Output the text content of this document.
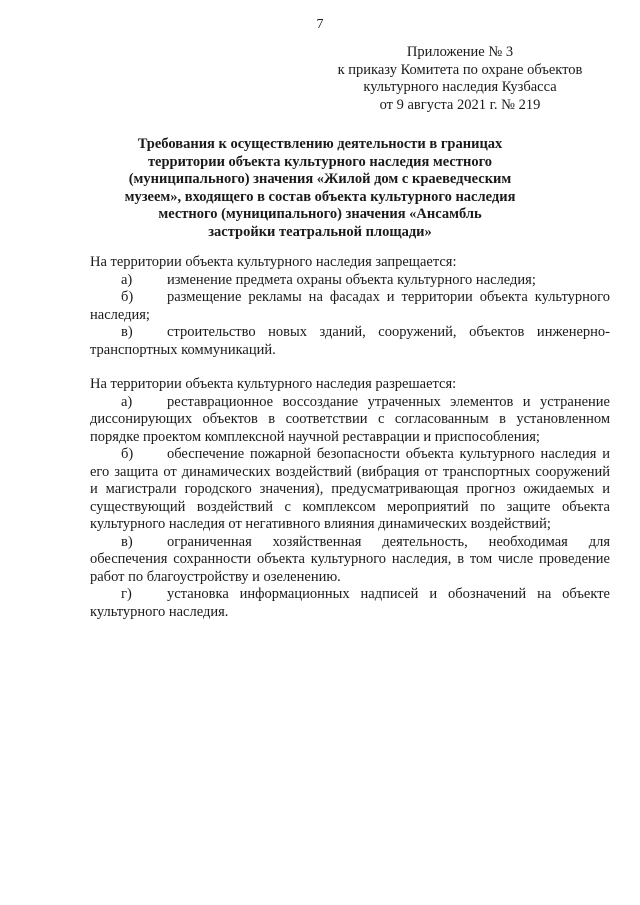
7
Приложение № 3
к приказу Комитета по охране объектов
культурного наследия Кузбасса
от 9 августа 2021 г. № 219
Требования к осуществлению деятельности в границах
территории объекта культурного наследия местного
(муниципального) значения «Жилой дом с краеведческим
музеем», входящего в состав объекта культурного наследия
местного (муниципального) значения «Ансамбль
застройки театральной площади»
На территории объекта культурного наследия запрещается:
а) изменение предмета охраны объекта культурного наследия;
б) размещение рекламы на фасадах и территории объекта культурного наследия;
в) строительство новых зданий, сооружений, объектов инженерно-транспортных коммуникаций.
На территории объекта культурного наследия разрешается:
а) реставрационное воссоздание утраченных элементов и устранение диссонирующих объектов в соответствии с согласованным в установленном порядке проектом комплексной научной реставрации и приспособления;
б) обеспечение пожарной безопасности объекта культурного наследия и его защита от динамических воздействий (вибрация от транспортных сооружений и магистрали городского значения), предусматривающая прогноз ожидаемых и существующий воздействий с комплексом мероприятий по защите объекта культурного наследия от негативного влияния динамических воздействий;
в) ограниченная хозяйственная деятельность, необходимая для обеспечения сохранности объекта культурного наследия, в том числе проведение работ по благоустройству и озеленению.
г) установка информационных надписей и обозначений на объекте культурного наследия.
